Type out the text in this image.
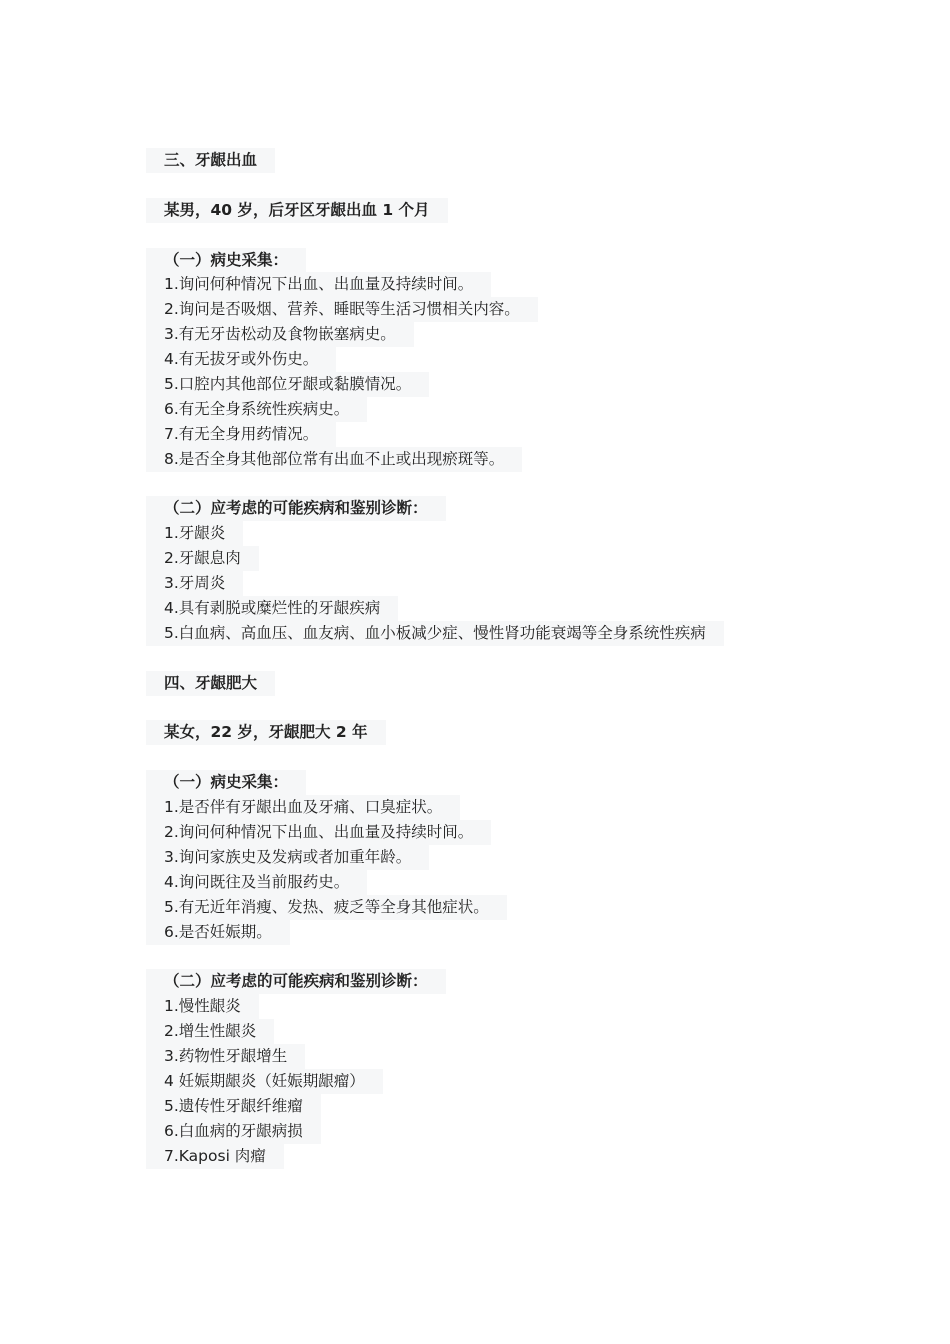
三、牙龈出血
某男，40 岁，后牙区牙龈出血 1 个月
（一）病史采集：
1.询问何种情况下出血、出血量及持续时间。
2.询问是否吸烟、营养、睡眠等生活习惯相关内容。
3.有无牙齿松动及食物嵌塞病史。
4.有无拔牙或外伤史。
5.口腔内其他部位牙龈或黏膜情况。
6.有无全身系统性疾病史。
7.有无全身用药情况。
8.是否全身其他部位常有出血不止或出现瘀斑等。
（二）应考虑的可能疾病和鉴别诊断：
1.牙龈炎
2.牙龈息肉
3.牙周炎
4.具有剥脱或糜烂性的牙龈疾病
5.白血病、高血压、血友病、血小板减少症、慢性肾功能衰竭等全身系统性疾病
四、牙龈肥大
某女，22 岁，牙龈肥大 2 年
（一）病史采集：
1.是否伴有牙龈出血及牙痛、口臭症状。
2.询问何种情况下出血、出血量及持续时间。
3.询问家族史及发病或者加重年龄。
4.询问既往及当前服药史。
5.有无近年消瘦、发热、疲乏等全身其他症状。
6.是否妊娠期。
（二）应考虑的可能疾病和鉴别诊断：
1.慢性龈炎
2.增生性龈炎
3.药物性牙龈增生
4 妊娠期龈炎（妊娠期龈瘤）
5.遗传性牙龈纤维瘤
6.白血病的牙龈病损
7.Kaposi 肉瘤
